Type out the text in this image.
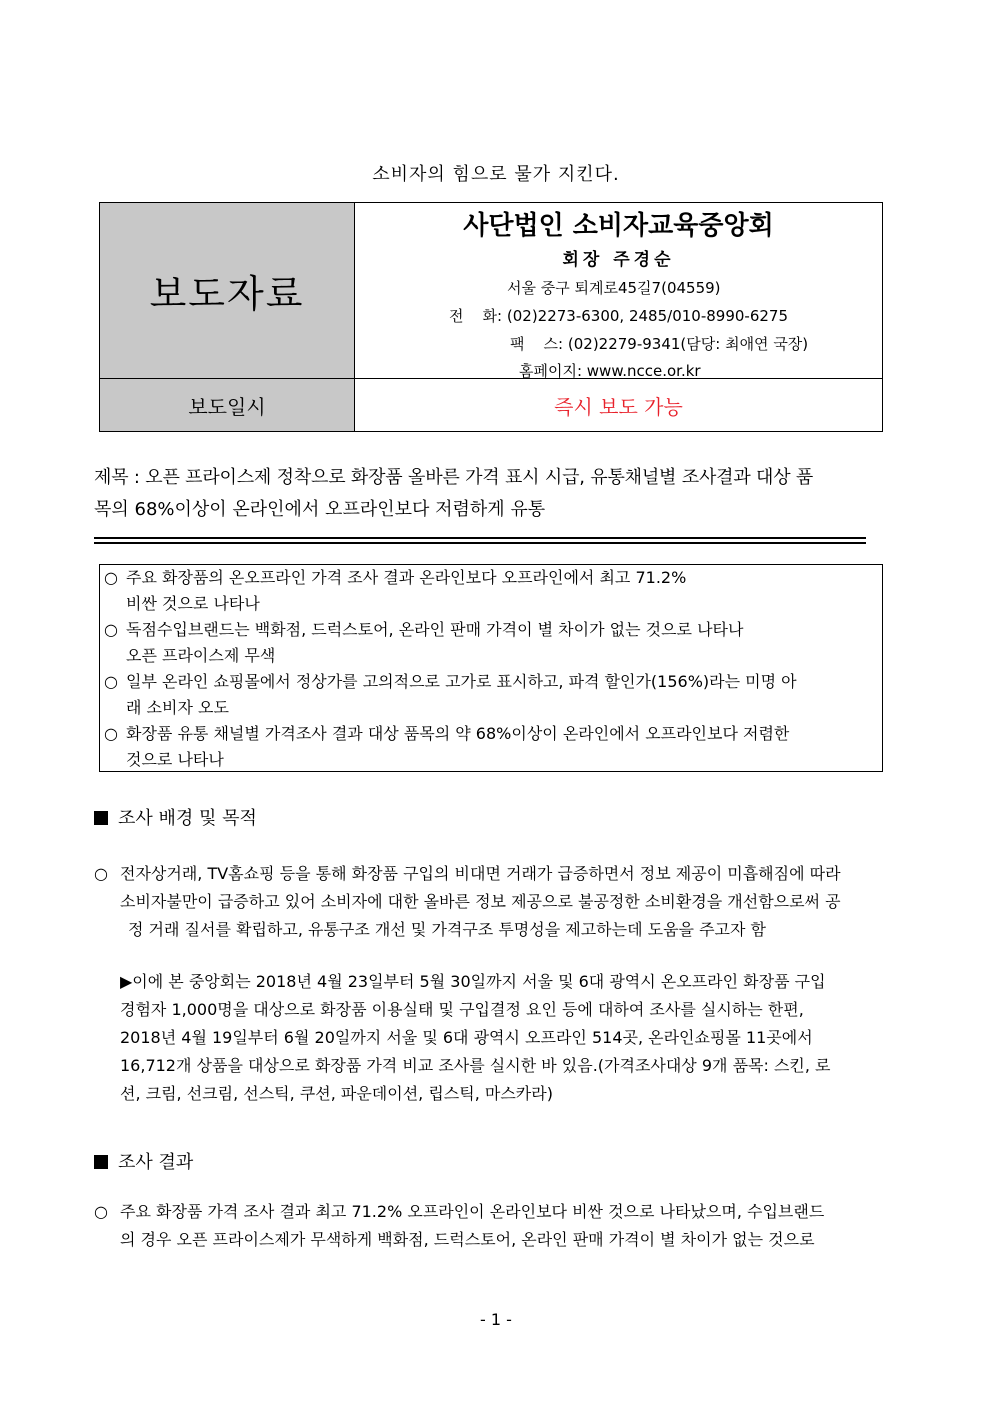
소비자의 힘으로 물가 지킨다.
보도자료
사단법인 소비자교육중앙회
회장 주경순
서울 중구 퇴계로45길7(04559)
전    화: (02)2273-6300, 2485/010-8990-6275
팩    스: (02)2279-9341(담당: 최애연 국장)
홈페이지: www.ncce.or.kr
보도일시	즉시 보도 가능
제목 : 오픈 프라이스제 정착으로 화장품 올바른 가격 표시 시급, 유통채널별 조사결과 대상 품
목의 68%이상이 온라인에서 오프라인보다 저렴하게 유통
○ 주요 화장품의 온오프라인 가격 조사 결과 온라인보다 오프라인에서 최고 71.2%
비싼 것으로 나타나
○ 독점수입브랜드는 백화점, 드럭스토어, 온라인 판매 가격이 별 차이가 없는 것으로 나타나
오픈 프라이스제 무색
○ 일부 온라인 쇼핑몰에서 정상가를 고의적으로 고가로 표시하고, 파격 할인가(156%)라는 미명 아
래 소비자 오도
○ 화장품 유통 채널별 가격조사 결과 대상 품목의 약 68%이상이 온라인에서 오프라인보다 저렴한
것으로 나타나
조사 배경 및 목적
○ 전자상거래, TV홈쇼핑 등을 통해 화장품 구입의 비대면 거래가 급증하면서 정보 제공이 미흡해짐에 따라
소비자불만이 급증하고 있어 소비자에 대한 올바른 정보 제공으로 불공정한 소비환경을 개선함으로써 공
정 거래 질서를 확립하고, 유통구조 개선 및 가격구조 투명성을 제고하는데 도움을 주고자 함
▶이에 본 중앙회는 2018년 4월 23일부터 5월 30일까지 서울 및 6대 광역시 온오프라인 화장품 구입
경험자 1,000명을 대상으로 화장품 이용실태 및 구입결정 요인 등에 대하여 조사를 실시하는 한편,
2018년 4월 19일부터 6월 20일까지 서울 및 6대 광역시 오프라인 514곳, 온라인쇼핑몰 11곳에서
16,712개 상품을 대상으로 화장품 가격 비교 조사를 실시한 바 있음.(가격조사대상 9개 품목: 스킨, 로
션, 크림, 선크림, 선스틱, 쿠션, 파운데이션, 립스틱, 마스카라)
조사 결과
○ 주요 화장품 가격 조사 결과 최고 71.2% 오프라인이 온라인보다 비싼 것으로 나타났으며, 수입브랜드
의 경우 오픈 프라이스제가 무색하게 백화점, 드럭스토어, 온라인 판매 가격이 별 차이가 없는 것으로
- 1 -
